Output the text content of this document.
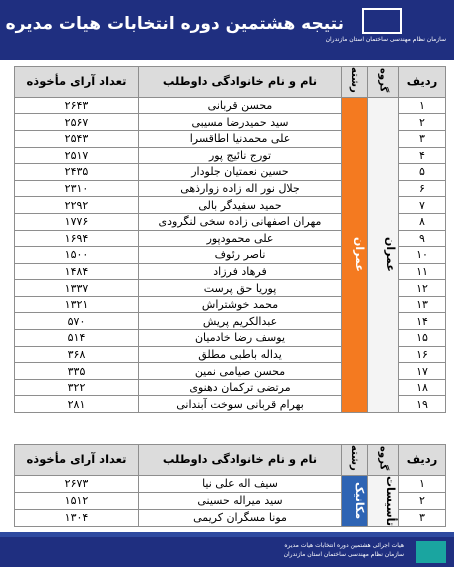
نتیجه هشتمین دوره انتخابات هیات مدیره
سازمان نظام مهندسی ساختمان استان مازندران
ردیف	گروه	رشته	نام و نام خانوادگی داوطلب	تعداد آرای مأخوذه
۱	عمران	عمران	محسن قربانی	۲۶۴۳
۲			سید حمیدرضا مسیبی	۲۵۶۷
۳			علی محمدنیا اطاقسرا	۲۵۴۳
۴			تورج نائیج پور	۲۵۱۷
۵			حسین نعمتیان جلودار	۲۴۳۵
۶			جلال نور اله زاده زوارذهی	۲۳۱۰
۷			حمید سفیدگر بالی	۲۲۹۲
۸			مهران اصفهانی زاده سخی لنگرودی	۱۷۷۶
۹			علی محمودپور	۱۶۹۴
۱۰			ناصر رئوف	۱۵۰۰
۱۱			فرهاد فرزاد	۱۴۸۴
۱۲			پوریا حق پرست	۱۳۳۷
۱۳			محمد خوشتراش	۱۳۲۱
۱۴			عبدالکریم پریش	۵۷۰
۱۵			یوسف رضا خادمیان	۵۱۴
۱۶			یداله باطبی مطلق	۳۶۸
۱۷			محسن صیامی نمین	۳۳۵
۱۸			مرتضی ترکمان دهنوی	۳۲۲
۱۹			بهرام قربانی سوخت آبندانی	۲۸۱
ردیف	گروه	رشته	نام و نام خانوادگی داوطلب	تعداد آرای مأخوذه
۱	تأسیسات	مکانیک	سیف اله علی نیا	۲۶۷۳
۲			سید میراله حسینی	۱۵۱۲
۳			مونا مسگران کریمی	۱۳۰۴
هیات اجرائی هشتمین دوره انتخابات هیات مدیره
سازمان نظام مهندسی ساختمان استان مازندران
